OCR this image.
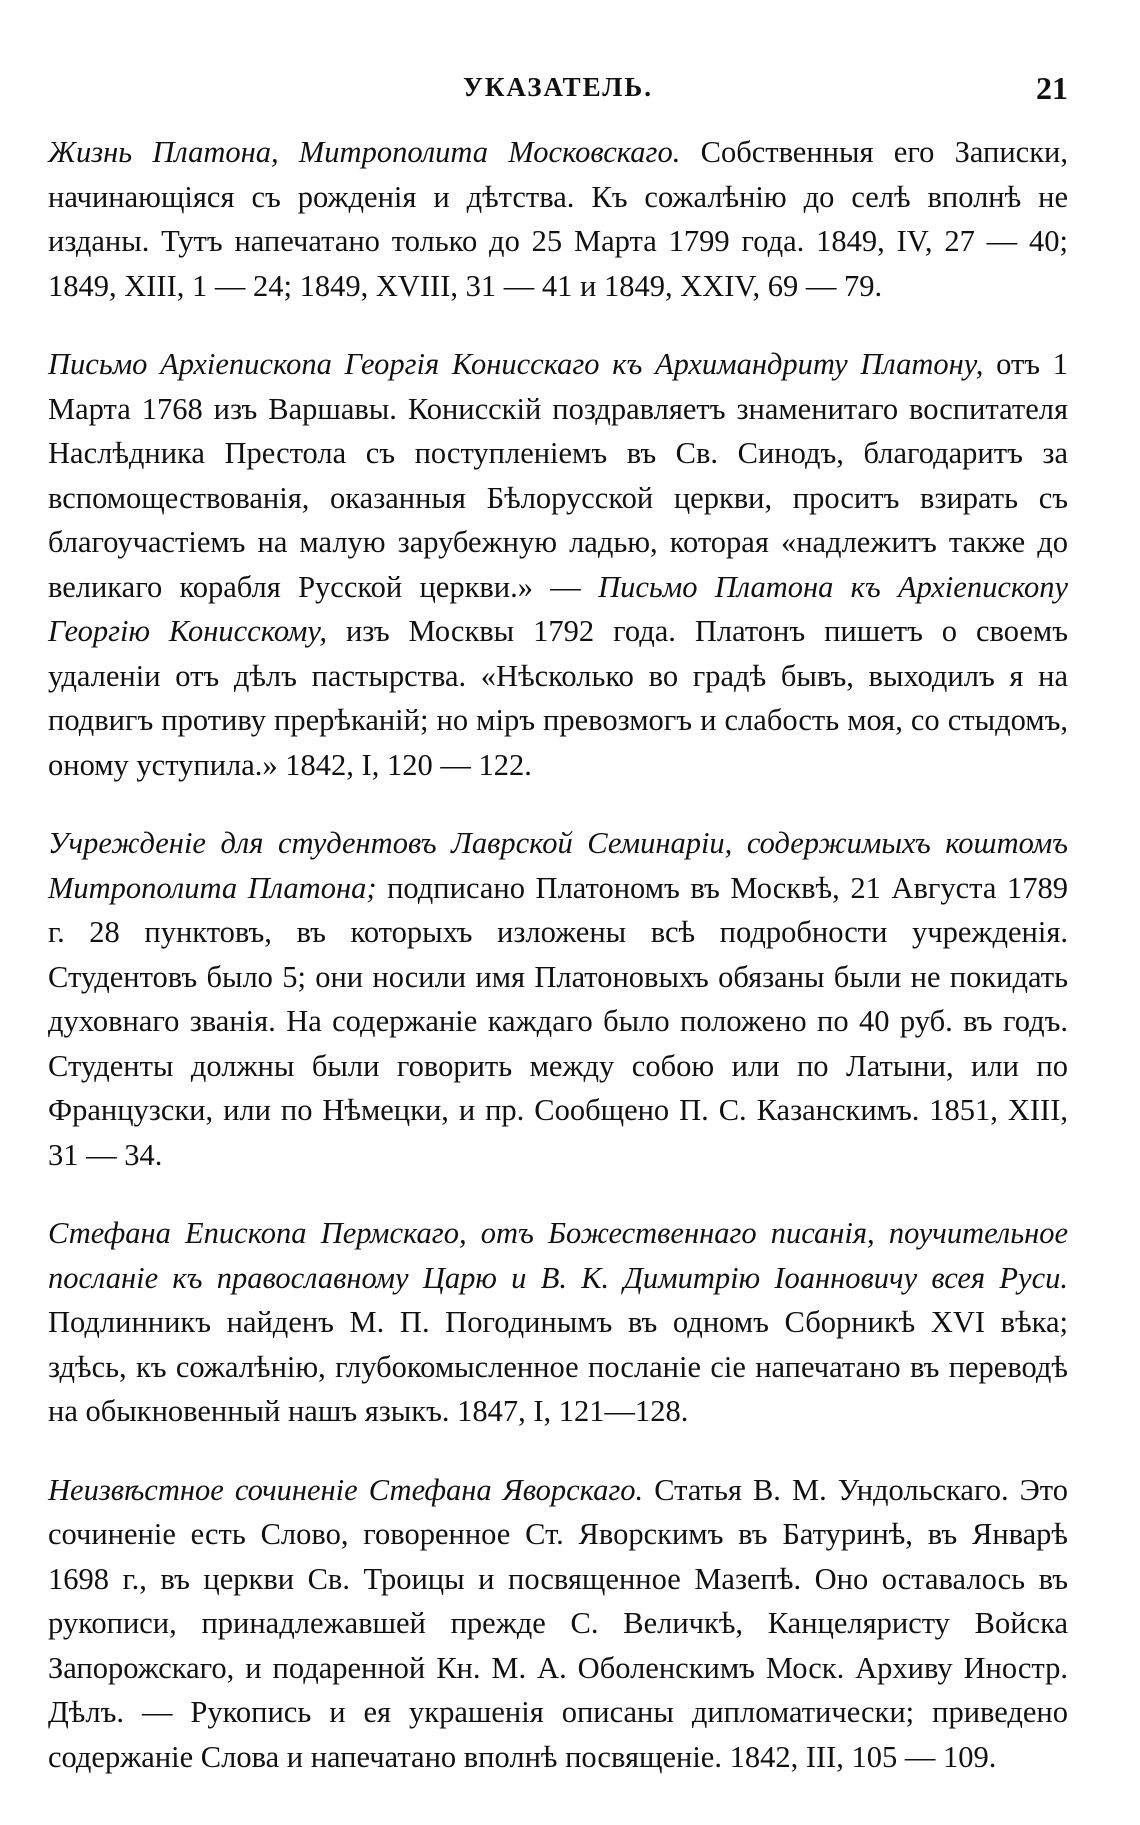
УКАЗАТЕЛЬ.	21

Жизнь Платона, Митрополита Московскаго. Собственныя его Записки, начинающіяся съ рожденія и дѣтства. Къ сожалѣнію до селѣ вполнѣ не изданы. Тутъ напечатано только до 25 Марта 1799 года. 1849, IV, 27 — 40; 1849, XIII, 1 — 24; 1849, XVIII, 31 — 41 и 1849, XXIV, 69 — 79.

Письмо Архіепископа Георгія Конисскаго къ Архимандриту Платону, отъ 1 Марта 1768 изъ Варшавы. Конисскій поздравляетъ знаменитаго воспитателя Наслѣдника Престола съ поступленіемъ въ Св. Синодъ, благодаритъ за вспомоществованія, оказанныя Бѣлорусской церкви, проситъ взирать съ благоучастіемъ на малую зарубежную ладью, которая «надлежитъ также до великаго корабля Русской церкви.» — Письмо Платона къ Архіепископу Георгію Конисскому, изъ Москвы 1792 года. Платонъ пишетъ о своемъ удаленіи отъ дѣлъ пастырства. «Нѣсколько во градѣ бывъ, выходилъ я на подвигъ противу прерѣканій; но міръ превозмогъ и слабость моя, со стыдомъ, оному уступила.» 1842, I, 120 — 122.

Учрежденіе для студентовъ Лаврской Семинаріи, содержимыхъ коштомъ Митрополита Платона; подписано Платономъ въ Москвѣ, 21 Августа 1789 г. 28 пунктовъ, въ которыхъ изложены всѣ подробности учрежденія. Студентовъ было 5; они носили имя Платоновыхъ обязаны были не покидать духовнаго званія. На содержаніе каждаго было положено по 40 руб. въ годъ. Студенты должны были говорить между собою или по Латыни, или по Французски, или по Нѣмецки, и пр. Сообщено П. С. Казанскимъ. 1851, XIII, 31 — 34.

Стефана Епископа Пермскаго, отъ Божественнаго писанія, поучительное посланіе къ православному Царю и В. К. Димитрію Іоанновичу всея Руси. Подлинникъ найденъ М. П. Погодинымъ въ одномъ Сборникѣ XVI вѣка; здѣсь, къ сожалѣнію, глубокомысленное посланіе сіе напечатано въ переводѣ на обыкновенный нашъ языкъ. 1847, I, 121—128.

Неизвѣстное сочиненіе Стефана Яворскаго. Статья В. М. Ундольскаго. Это сочиненіе есть Слово, говоренное Ст. Яворскимъ въ Батуринѣ, въ Январѣ 1698 г., въ церкви Св. Троицы и посвященное Мазепѣ. Оно оставалось въ рукописи, принадлежавшей прежде С. Величкѣ, Канцеляристу Войска Запорожскаго, и подаренной Кн. М. А. Оболенскимъ Моск. Архиву Иностр. Дѣлъ. — Рукопись и ея украшенія описаны дипломатически; приведено содержаніе Слова и напечатано вполнѣ посвященіе. 1842, III, 105 — 109.
